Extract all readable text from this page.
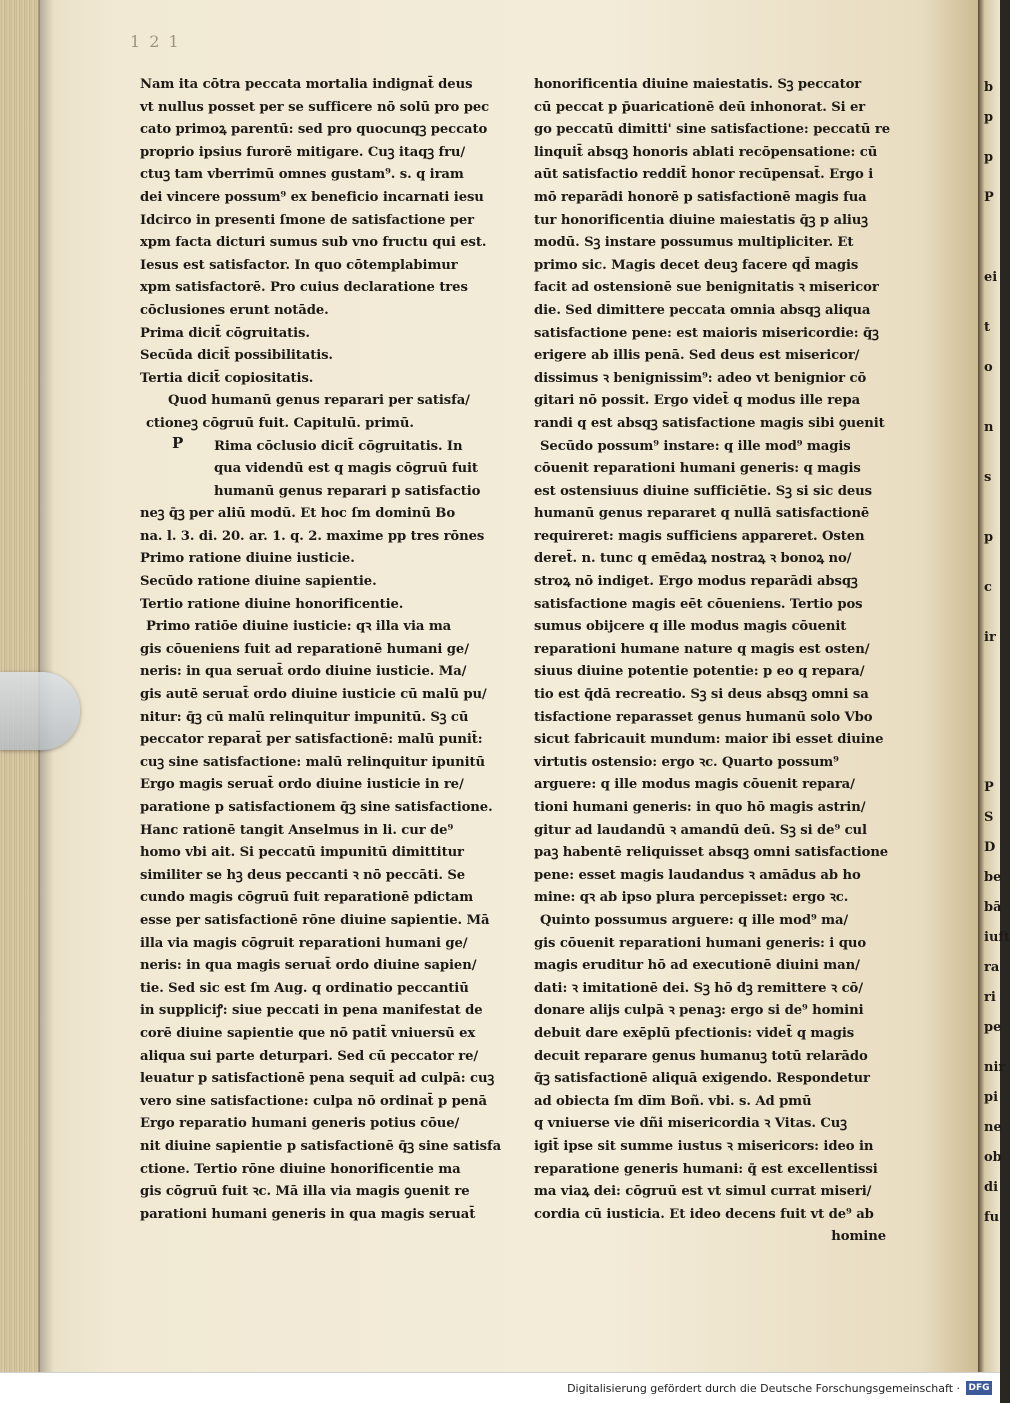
b
p
p
P
ei
t
o
n
s
p
c
ir
P
S
D
be
bā
iuft
ra
ri
pe
nir
pi
ne
ob
di
fu
1 2 1
Nam ita cōtra peccata mortalia indignat̄ deus
vt nullus posset per se sufficere nō solū pro pec
cato primoꝝ parentū: sed pro quocunqꝫ peccato
proprio ipsius furorē mitigare. Cuꝫ itaqꝫ fru/
ctuꝫ tam vberrimū omnes gustam⁹. s. q iram
dei vincere possum⁹ ex beneficio incarnati iesu
Idcirco in presenti ſmone de satisfactione per
xpm facta dicturi sumus sub vno fructu qui est.
Iesus est satisfactor. In quo cōtemplabimur
xpm satisfactorē. Pro cuius declaratione tres
cōclusiones erunt notāde.
Prima dicit̄ cōgruitatis.
Secūda dicit̄ possibilitatis.
Tertia dicit̄ copiositatis.
Quod humanū genus reparari per satisfa/
ctioneꝫ cōgruū fuit. Capitulū. primū.
Rima cōclusio dicit̄ cōgruitatis. In
qua videndū est q magis cōgruū fuit
humanū genus reparari p satisfactio
neꝫ q̄ꝫ per aliū modū. Et hoc ſm dominū Bo
na. l. 3. di. 20. ar. 1. q. 2. maxime pp tres rōnes
Primo ratione diuine iusticie.
Secūdo ratione diuine sapientie.
Tertio ratione diuine honorificentie.
Primo ratiōe diuine iusticie: qꝛ illa via ma
gis cōueniens fuit ad reparationē humani ge/
neris: in qua seruat̄ ordo diuine iusticie. Ma/
gis autē seruat̄ ordo diuine iusticie cū malū pu/
nitur: q̄ꝫ cū malū relinquitur impunitū. Sꝫ cū
peccator reparat̄ per satisfactionē: malū punit̄:
cuꝫ sine satisfactione: malū relinquitur ipunitū
Ergo magis seruat̄ ordo diuine iusticie in re/
paratione p satisfactionem q̄ꝫ sine satisfactione.
Hanc rationē tangit Anselmus in li. cur de⁹
homo vbi ait. Si peccatū impunitū dimittitur
similiter se hꝫ deus peccanti ꝛ nō peccāti. Se
cundo magis cōgruū fuit reparationē pdictam
esse per satisfactionē rōne diuine sapientie. Mā
illa via magis cōgruit reparationi humani ge/
neris: in qua magis seruat̄ ordo diuine sapien/
tie. Sed sic est ſm Aug. q ordinatio peccantiū
in suppliciꝭ: siue peccati in pena manifestat de
corē diuine sapientie que nō patit̄ vniuersū ex
aliqua sui parte deturpari. Sed cū peccator re/
leuatur p satisfactionē pena sequit̄ ad culpā: cuꝫ
vero sine satisfactione: culpa nō ordinat̄ p penā
Ergo reparatio humani generis potius cōue/
nit diuine sapientie p satisfactionē q̄ꝫ sine satisfa
ctione. Tertio rōne diuine honorificentie ma
gis cōgruū fuit ꝛc. Mā illa via magis ꝯuenit re
parationi humani generis in qua magis seruat̄
honorificentia diuine maiestatis. Sꝫ peccator
cū peccat p p̄uaricationē deū inhonorat. Si er
go peccatū dimitti' sine satisfactione: peccatū re
linquit̄ absqꝫ honoris ablati recōpensatione: cū
aūt satisfactio reddit̄ honor recūpensat̄. Ergo i
mō reparādi honorē p satisfactionē magis fua
tur honorificentia diuine maiestatis q̄ꝫ p aliuꝫ
modū. Sꝫ instare possumus multipliciter. Et
primo sic. Magis decet deuꝫ facere qd̄ magis
facit ad ostensionē sue benignitatis ꝛ misericor
die. Sed dimittere peccata omnia absqꝫ aliqua
satisfactione pene: est maioris misericordie: q̄ꝫ
erigere ab illis penā. Sed deus est misericor/
dissimus ꝛ benignissim⁹: adeo vt benignior cō
gitari nō possit. Ergo videt̄ q modus ille repa
randi q est absqꝫ satisfactione magis sibi ꝯuenit
Secūdo possum⁹ instare: q ille mod⁹ magis
cōuenit reparationi humani generis: q magis
est ostensiuus diuine sufficiētie. Sꝫ si sic deus
humanū genus repararet q nullā satisfactionē
requireret: magis sufficiens appareret. Osten
deret̄. n. tunc q emēdaꝝ nostraꝝ ꝛ bonoꝝ no/
stroꝝ nō indiget. Ergo modus reparādi absqꝫ
satisfactione magis eēt cōueniens. Tertio pos
sumus obijcere q ille modus magis cōuenit
reparationi humane nature q magis est osten/
siuus diuine potentie potentie: p eo q repara/
tio est q̄dā recreatio. Sꝫ si deus absqꝫ omni sa
tisfactione reparasset genus humanū solo Vbo
sicut fabricauit mundum: maior ibi esset diuine
virtutis ostensio: ergo ꝛc. Quarto possum⁹
arguere: q ille modus magis cōuenit repara/
tioni humani generis: in quo hō magis astrin/
gitur ad laudandū ꝛ amandū deū. Sꝫ si de⁹ cul
paꝫ habentē reliquisset absqꝫ omni satisfactione
pene: esset magis laudandus ꝛ amādus ab ho
mine: qꝛ ab ipso plura percepisset: ergo ꝛc.
Quinto possumus arguere: q ille mod⁹ ma/
gis cōuenit reparationi humani generis: i quo
magis eruditur hō ad executionē diuini man/
dati: ꝛ imitationē dei. Sꝫ hō dꝫ remittere ꝛ cō/
donare alijs culpā ꝛ penaꝫ: ergo si de⁹ homini
debuit dare exēplū pfectionis: videt̄ q magis
decuit reparare genus humanuꝫ totū relarādo
q̄ꝫ satisfactionē aliquā exigendo. Respondetur
ad obiecta ſm dīm Boñ. vbi. s. Ad pmū
q vniuerse vie dñi misericordia ꝛ Vitas. Cuꝫ
igit̄ ipse sit summe iustus ꝛ misericors: ideo in
reparatione generis humani: q̄ est excellentissi
ma viaꝝ dei: cōgruū est vt simul currat miseri/
cordia cū iusticia. Et ideo decens fuit vt de⁹ ab
homine
P
Digitalisierung gefördert durch die Deutsche Forschungsgemeinschaft · DFG
